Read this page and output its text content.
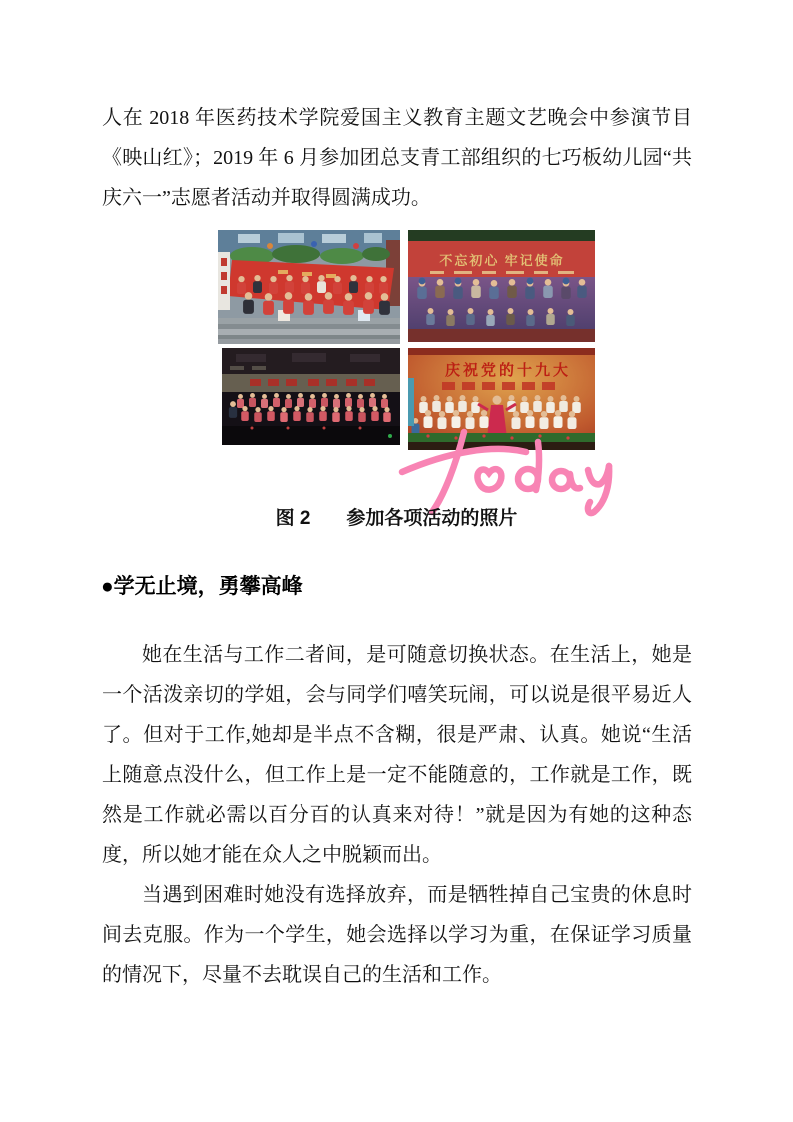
人在 2018 年医药技术学院爱国主义教育主题文艺晚会中参演节目《映山红》；2019 年 6 月参加团总支青工部组织的七巧板幼儿园“共庆六一”志愿者活动并取得圆满成功。

不忘初心 牢记使命
庆祝党的十九大
图 2 参加各项活动的照片
●学无止境，勇攀高峰

她在生活与工作二者间，是可随意切换状态。在生活上，她是一个活泼亲切的学姐，会与同学们嘻笑玩闹，可以说是很平易近人了。但对于工作,她却是半点不含糊，很是严肃、认真。她说“生活上随意点没什么，但工作上是一定不能随意的，工作就是工作，既然是工作就必需以百分百的认真来对待！”就是因为有她的这种态度，所以她才能在众人之中脱颖而出。

当遇到困难时她没有选择放弃，而是牺牲掉自己宝贵的休息时间去克服。作为一个学生，她会选择以学习为重，在保证学习质量的情况下，尽量不去耽误自己的生活和工作。
